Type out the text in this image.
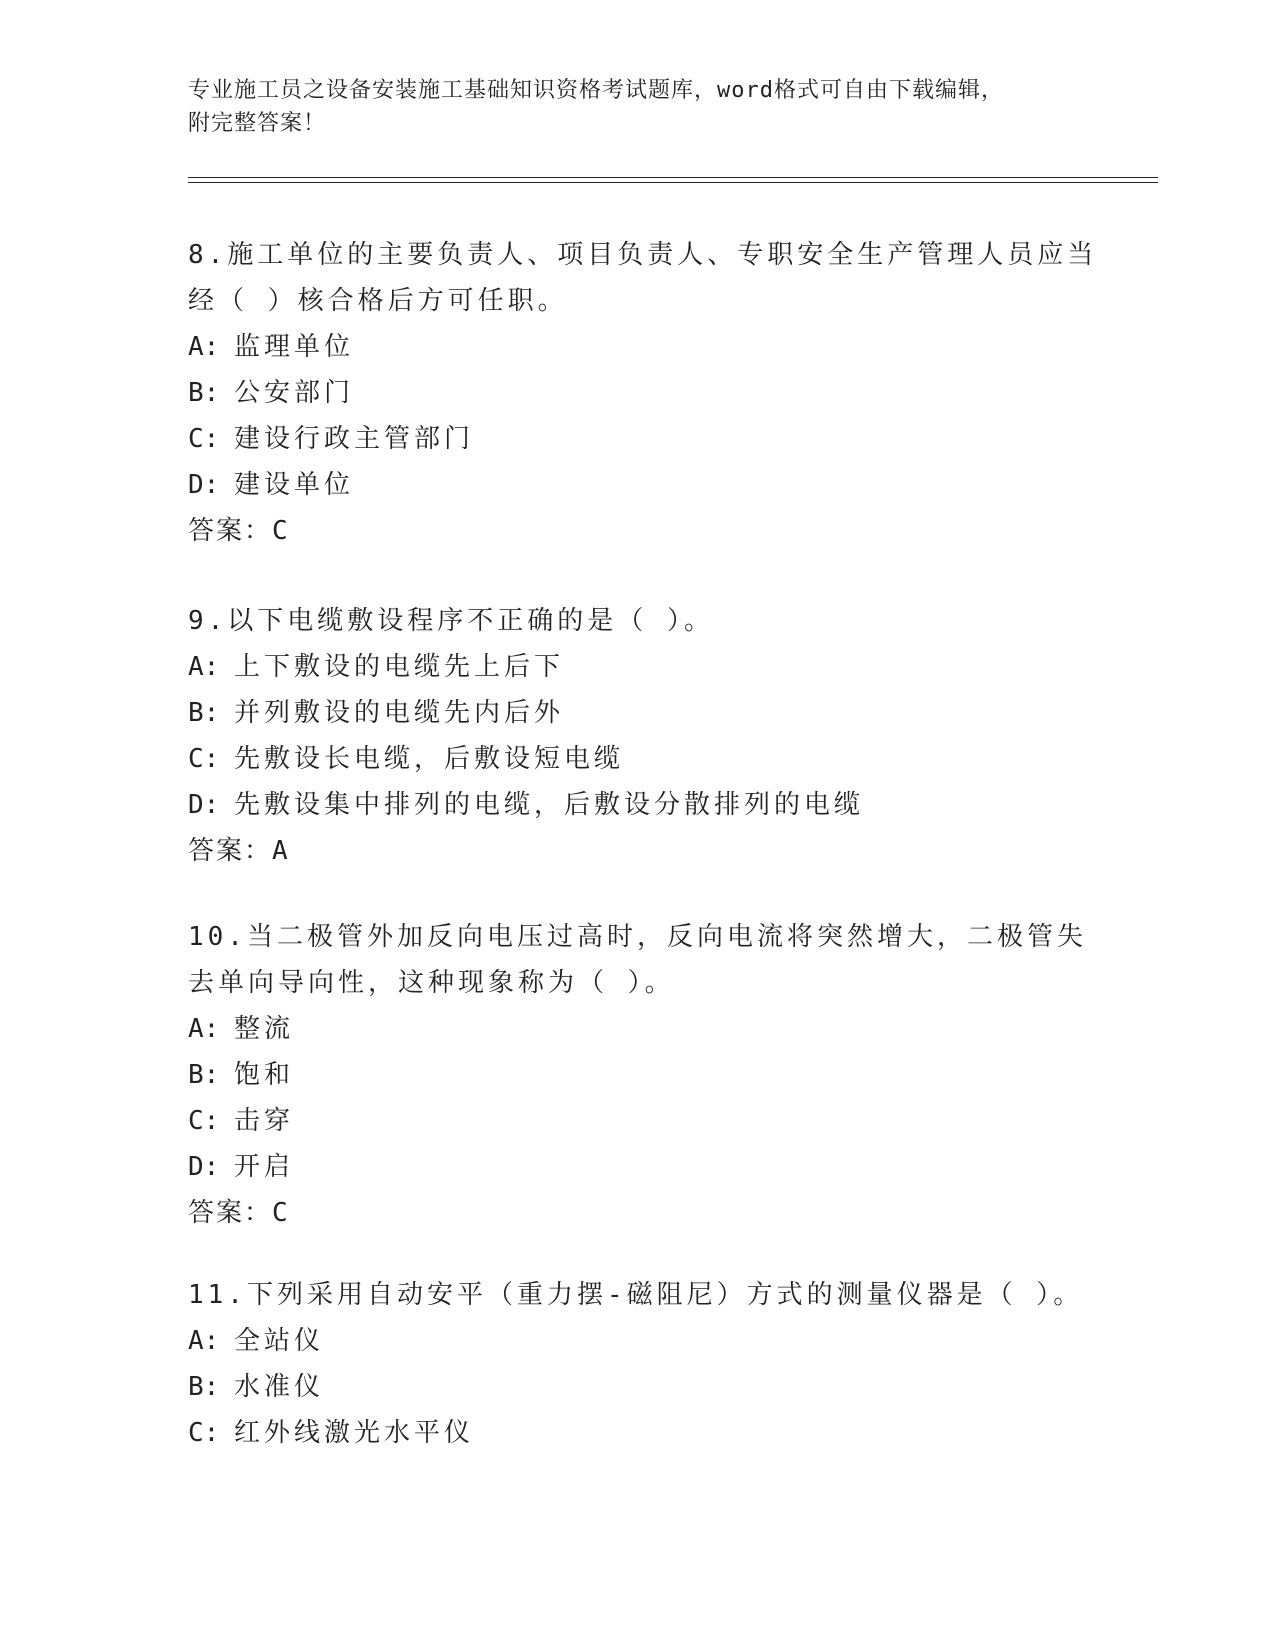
专业施工员之设备安装施工基础知识资格考试题库，word格式可自由下载编辑，
附完整答案！
8.施工单位的主要负责人、项目负责人、专职安全生产管理人员应当经（ ）核合格后方可任职。
A: 监理单位
B: 公安部门
C: 建设行政主管部门
D: 建设单位
答案：C
9.以下电缆敷设程序不正确的是（ ）。
A: 上下敷设的电缆先上后下
B: 并列敷设的电缆先内后外
C: 先敷设长电缆，后敷设短电缆
D: 先敷设集中排列的电缆，后敷设分散排列的电缆
答案：A
10.当二极管外加反向电压过高时，反向电流将突然增大，二极管失去单向导向性，这种现象称为（ ）。
A: 整流
B: 饱和
C: 击穿
D: 开启
答案：C
11.下列采用自动安平（重力摆-磁阻尼）方式的测量仪器是（ ）。
A: 全站仪
B: 水准仪
C: 红外线激光水平仪
